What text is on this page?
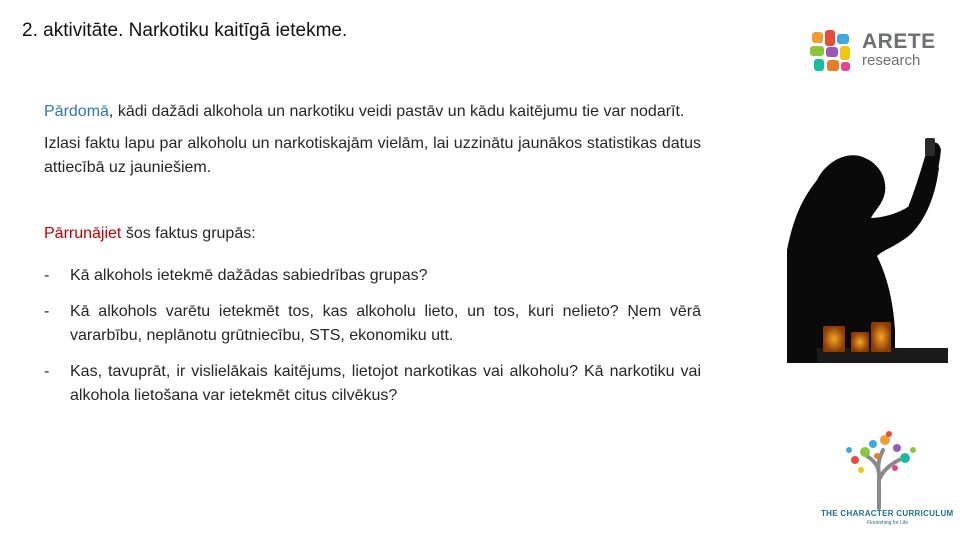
2. aktivitāte. Narkotiku kaitīgā ietekme.	ARETE
research

Pārdomā, kādi dažādi alkohola un narkotiku veidi pastāv un kādu kaitējumu tie var nodarīt.

Izlasi faktu lapu par alkoholu un narkotiskajām vielām, lai uzzinātu jaunākos statistikas datus attiecībā uz jauniešiem.

Pārrunājiet šos faktus grupās:

- Kā alkohols ietekmē dažādas sabiedrības grupas?
- Kā alkohols varētu ietekmēt tos, kas alkoholu lieto, un tos, kuri nelieto? Ņem vērā vararbību, neplānotu grūtniecību, STS, ekonomiku utt.
- Kas, tavuprāt, ir vislielākais kaitējums, lietojot narkotikas vai alkoholu? Kā narkotiku vai alkohola lietošana var ietekmēt citus cilvēkus?
THE CHARACTER CURRICULUM
Flourishing for Life
